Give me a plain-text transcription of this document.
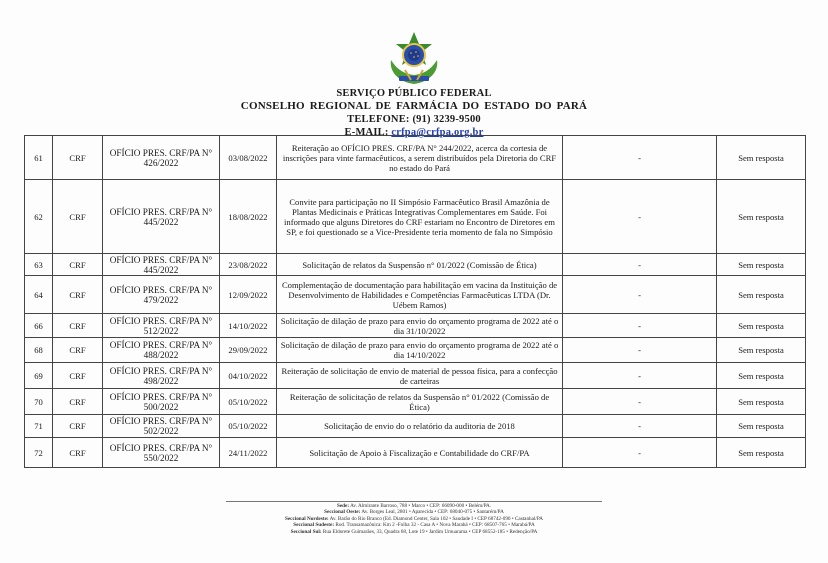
SERVIÇO PÚBLICO FEDERAL
CONSELHO REGIONAL DE FARMÁCIA DO ESTADO DO PARÁ
TELEFONE: (91) 3239-9500
E-MAIL: crfpa@crfpa.org.br
61	CRF	OFÍCIO PRES. CRF/PA N° 426/2022	03/08/2022	Reiteração ao OFÍCIO PRES. CRF/PA N° 244/2022, acerca da cortesia de inscrições para vinte farmacêuticos, a serem distribuídos pela Diretoria do CRF no estado do Pará	-	Sem resposta
62	CRF	OFÍCIO PRES. CRF/PA N° 445/2022	18/08/2022	Convite para participação no II Simpósio Farmacêutico Brasil Amazônia de Plantas Medicinais e Práticas Integrativas Complementares em Saúde. Foi informado que alguns Diretores do CRF estariam no Encontro de Diretores em SP, e foi questionado se a Vice-Presidente teria momento de fala no Simpósio	-	Sem resposta
63	CRF	OFÍCIO PRES. CRF/PA N° 445/2022	23/08/2022	Solicitação de relatos da Suspensão n° 01/2022 (Comissão de Ética)	-	Sem resposta
64	CRF	OFÍCIO PRES. CRF/PA N° 479/2022	12/09/2022	Complementação de documentação para habilitação em vacina da Instituição de Desenvolvimento de Habilidades e Competências Farmacêuticas LTDA (Dr. Uébem Ramos)	-	Sem resposta
66	CRF	OFÍCIO PRES. CRF/PA N° 512/2022	14/10/2022	Solicitação de dilação de prazo para envio do orçamento programa de 2022 até o dia 31/10/2022	-	Sem resposta
68	CRF	OFÍCIO PRES. CRF/PA N° 488/2022	29/09/2022	Solicitação de dilação de prazo para envio do orçamento programa de 2022 até o dia 14/10/2022	-	Sem resposta
69	CRF	OFÍCIO PRES. CRF/PA N° 498/2022	04/10/2022	Reiteração de solicitação de envio de material de pessoa física, para a confecção de carteiras	-	Sem resposta
70	CRF	OFÍCIO PRES. CRF/PA N° 500/2022	05/10/2022	Reiteração de solicitação de relatos da Suspensão n° 01/2022 (Comissão de Ética)	-	Sem resposta
71	CRF	OFÍCIO PRES. CRF/PA N° 502/2022	05/10/2022	Solicitação de envio do o relatório da auditoria de 2018	-	Sem resposta
72	CRF	OFÍCIO PRES. CRF/PA N° 550/2022	24/11/2022	Solicitação de Apoio à Fiscalização e Contabilidade do CRF/PA	-	Sem resposta
Sede: Av. Almirante Barroso, 788 • Marco • CEP: 66090-000 • Belém/PA.
Seccional Oeste: Av. Borges Leal, 2801 • Aparecida • CEP: 68040-075 • Santarém/PA
Seccional Nordeste: Av. Barão do Rio Branco (Ed. Diamond Center, Sala 102 • Saudade I • CEP 68742-090 • Castanhal/PA
Seccional Sudeste: Rod. Transamazônica: Km 2 -Folha 32 - Casa A • Nova Marabá • CEP: 68507-765 • Marabá/PA
Seccional Sul: Rua Eldorete Guimarães, 33, Quadra 68, Lote 19 • Jardim Umuarama • CEP 68552-185 • Redenção/PA
